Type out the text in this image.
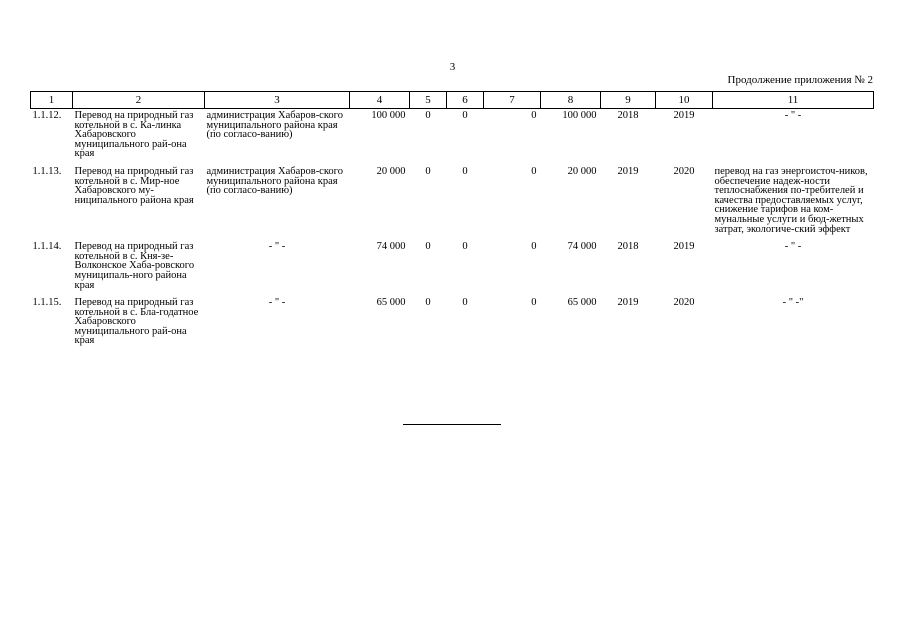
3
Продолжение приложения № 2
1	2	3	4	5	6	7	8	9	10	11
1.1.12.	Перевод на природный газ котельной в с. Ка-линка Хабаровского муниципального рай-она края	администрация Хабаров-ского муниципального района края (по согласо-ванию)	100 000	0	0	0	100 000	2018	2019	- " -
1.1.13.	Перевод на природный газ котельной в с. Мир-ное Хабаровского му-ниципального района края	администрация Хабаров-ского муниципального района края (по согласо-ванию)	20 000	0	0	0	20 000	2019	2020	перевод на газ энергоисточ-ников, обеспечение надеж-ности теплоснабжения по-требителей и качества предоставляемых услуг, снижение тарифов на ком-мунальные услуги и бюд-жетных затрат, экологиче-ский эффект
1.1.14.	Перевод на природный газ котельной в с. Кня-зе-Волконское Хаба-ровского муниципаль-ного района края	- " -	74 000	0	0	0	74 000	2018	2019	- " -
1.1.15.	Перевод на природный газ котельной в с. Бла-годатное Хабаровского муниципального рай-она края	- " -	65 000	0	0	0	65 000	2019	2020	- " -"
